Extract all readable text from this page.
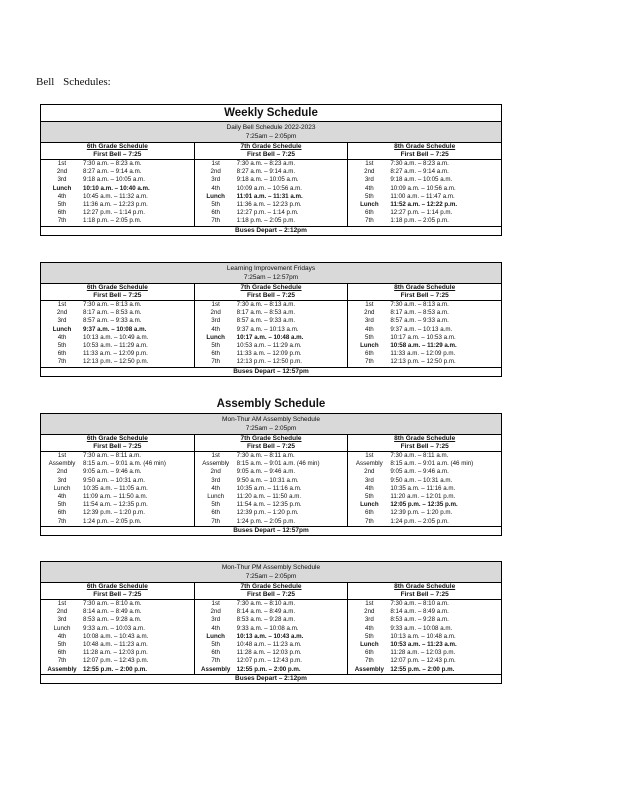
Bell Schedules:
Weekly Schedule
Daily Bell Schedule 2022-2023
7:25am – 2:05pm
6th Grade Schedule
First Bell – 7:25
1st	7:30 a.m. – 8:23 a.m.
2nd	8:27 a.m. – 9:14 a.m.
3rd	9:18 a.m. – 10:05 a.m.
Lunch	10:10 a.m. – 10:40 a.m.
4th	10:45 a.m. – 11:32 a.m.
5th	11:36 a.m. – 12:23 p.m.
6th	12:27 p.m. – 1:14 p.m.
7th	1:18 p.m. – 2:05 p.m.
7th Grade Schedule
First Bell – 7:25
1st	7:30 a.m. – 8:23 a.m.
2nd	8:27 a.m. – 9:14 a.m.
3rd	9:18 a.m. – 10:05 a.m.
4th	10:09 a.m. – 10:56 a.m.
Lunch	11:01 a.m. – 11:31 a.m.
5th	11:36 a.m. – 12:23 p.m.
6th	12:27 p.m. – 1:14 p.m.
7th	1:18 p.m. – 2:05 p.m.
8th Grade Schedule
First Bell – 7:25
1st	7:30 a.m. – 8:23 a.m.
2nd	8:27 a.m. – 9:14 a.m.
3rd	9:18 a.m. – 10:05 a.m.
4th	10:09 a.m. – 10:56 a.m.
5th	11:00 a.m. – 11:47 a.m.
Lunch	11:52 a.m. – 12:22 p.m.
6th	12:27 p.m. – 1:14 p.m.
7th	1:18 p.m. – 2:05 p.m.
Buses Depart – 2:12pm
Learning Improvement Fridays
7:25am – 12:57pm
6th Grade Schedule
First Bell – 7:25
1st	7:30 a.m. – 8:13 a.m.
2nd	8:17 a.m. – 8:53 a.m.
3rd	8:57 a.m. – 9:33 a.m.
Lunch	9:37 a.m. – 10:08 a.m.
4th	10:13 a.m. – 10:49 a.m.
5th	10:53 a.m. – 11:29 a.m.
6th	11:33 a.m. – 12:09 p.m.
7th	12:13 p.m. – 12:50 p.m.
7th Grade Schedule
First Bell – 7:25
1st	7:30 a.m. – 8:13 a.m.
2nd	8:17 a.m. – 8:53 a.m.
3rd	8:57 a.m. – 9:33 a.m.
4th	9:37 a.m. – 10:13 a.m.
Lunch	10:17 a.m. – 10:48 a.m.
5th	10:53 a.m. – 11:29 a.m.
6th	11:33 a.m. – 12:09 p.m.
7th	12:13 p.m. – 12:50 p.m.
8th Grade Schedule
First Bell – 7:25
1st	7:30 a.m. – 8:13 a.m.
2nd	8:17 a.m. – 8:53 a.m.
3rd	8:57 a.m. – 9:33 a.m.
4th	9:37 a.m. – 10:13 a.m.
5th	10:17 a.m. – 10:53 a.m.
Lunch	10:58 a.m. – 11:29 a.m.
6th	11:33 a.m. – 12:09 p.m.
7th	12:13 p.m. – 12:50 p.m.
Buses Depart – 12:57pm
Assembly Schedule
Mon-Thur AM Assembly Schedule
7:25am – 2:05pm
6th Grade Schedule
First Bell – 7:25
1st	7:30 a.m. – 8:11 a.m.
Assembly	8:15 a.m. – 9:01 a.m. (46 min)
2nd	9:05 a.m. – 9:46 a.m.
3rd	9:50 a.m. – 10:31 a.m.
Lunch	10:35 a.m. – 11:05 a.m.
4th	11:09 a.m. – 11:50 a.m.
5th	11:54 a.m. – 12:35 p.m.
6th	12:39 p.m. – 1:20 p.m.
7th	1:24 p.m. – 2:05 p.m.
7th Grade Schedule
First Bell – 7:25
1st	7:30 a.m. – 8:11 a.m.
Assembly	8:15 a.m. – 9:01 a.m. (46 min)
2nd	9:05 a.m. – 9:46 a.m.
3rd	9:50 a.m. – 10:31 a.m.
4th	10:35 a.m. – 11:16 a.m.
Lunch	11:20 a.m. – 11:50 a.m.
5th	11:54 a.m. – 12:35 p.m.
6th	12:39 p.m. – 1:20 p.m.
7th	1:24 p.m. – 2:05 p.m.
8th Grade Schedule
First Bell – 7:25
1st	7:30 a.m. – 8:11 a.m.
Assembly	8:15 a.m. – 9:01 a.m. (46 min)
2nd	9:05 a.m. – 9:46 a.m.
3rd	9:50 a.m. – 10:31 a.m.
4th	10:35 a.m. – 11:16 a.m.
5th	11:20 a.m. – 12:01 p.m.
Lunch	12:05 p.m. – 12:35 p.m.
6th	12:39 p.m. – 1:20 p.m.
7th	1:24 p.m. – 2:05 p.m.
Buses Depart – 12:57pm
Mon-Thur PM Assembly Schedule
7:25am – 2:05pm
6th Grade Schedule
First Bell – 7:25
1st	7:30 a.m. – 8:10 a.m.
2nd	8:14 a.m. – 8:49 a.m.
3rd	8:53 a.m. – 9:28 a.m.
Lunch	9:33 a.m. – 10:03 a.m.
4th	10:08 a.m. – 10:43 a.m.
5th	10:48 a.m. – 11:23 a.m.
6th	11:28 a.m. – 12:03 p.m.
7th	12:07 p.m. – 12:43 p.m.
Assembly	12:55 p.m. – 2:00 p.m.
7th Grade Schedule
First Bell – 7:25
1st	7:30 a.m. – 8:10 a.m.
2nd	8:14 a.m. – 8:49 a.m.
3rd	8:53 a.m. – 9:28 a.m.
4th	9:33 a.m. – 10:08 a.m.
Lunch	10:13 a.m. – 10:43 a.m.
5th	10:48 a.m. – 11:23 a.m.
6th	11:28 a.m. – 12:03 p.m.
7th	12:07 p.m. – 12:43 p.m.
Assembly	12:55 p.m. – 2:00 p.m.
8th Grade Schedule
First Bell – 7:25
1st	7:30 a.m. – 8:10 a.m.
2nd	8:14 a.m. – 8:49 a.m.
3rd	8:53 a.m. – 9:28 a.m.
4th	9:33 a.m. – 10:08 a.m.
5th	10:13 a.m. – 10:48 a.m.
Lunch	10:53 a.m. – 11:23 a.m.
6th	11:28 a.m. – 12:03 p.m.
7th	12:07 p.m. – 12:43 p.m.
Assembly	12:55 p.m. – 2:00 p.m.
Buses Depart – 2:12pm
